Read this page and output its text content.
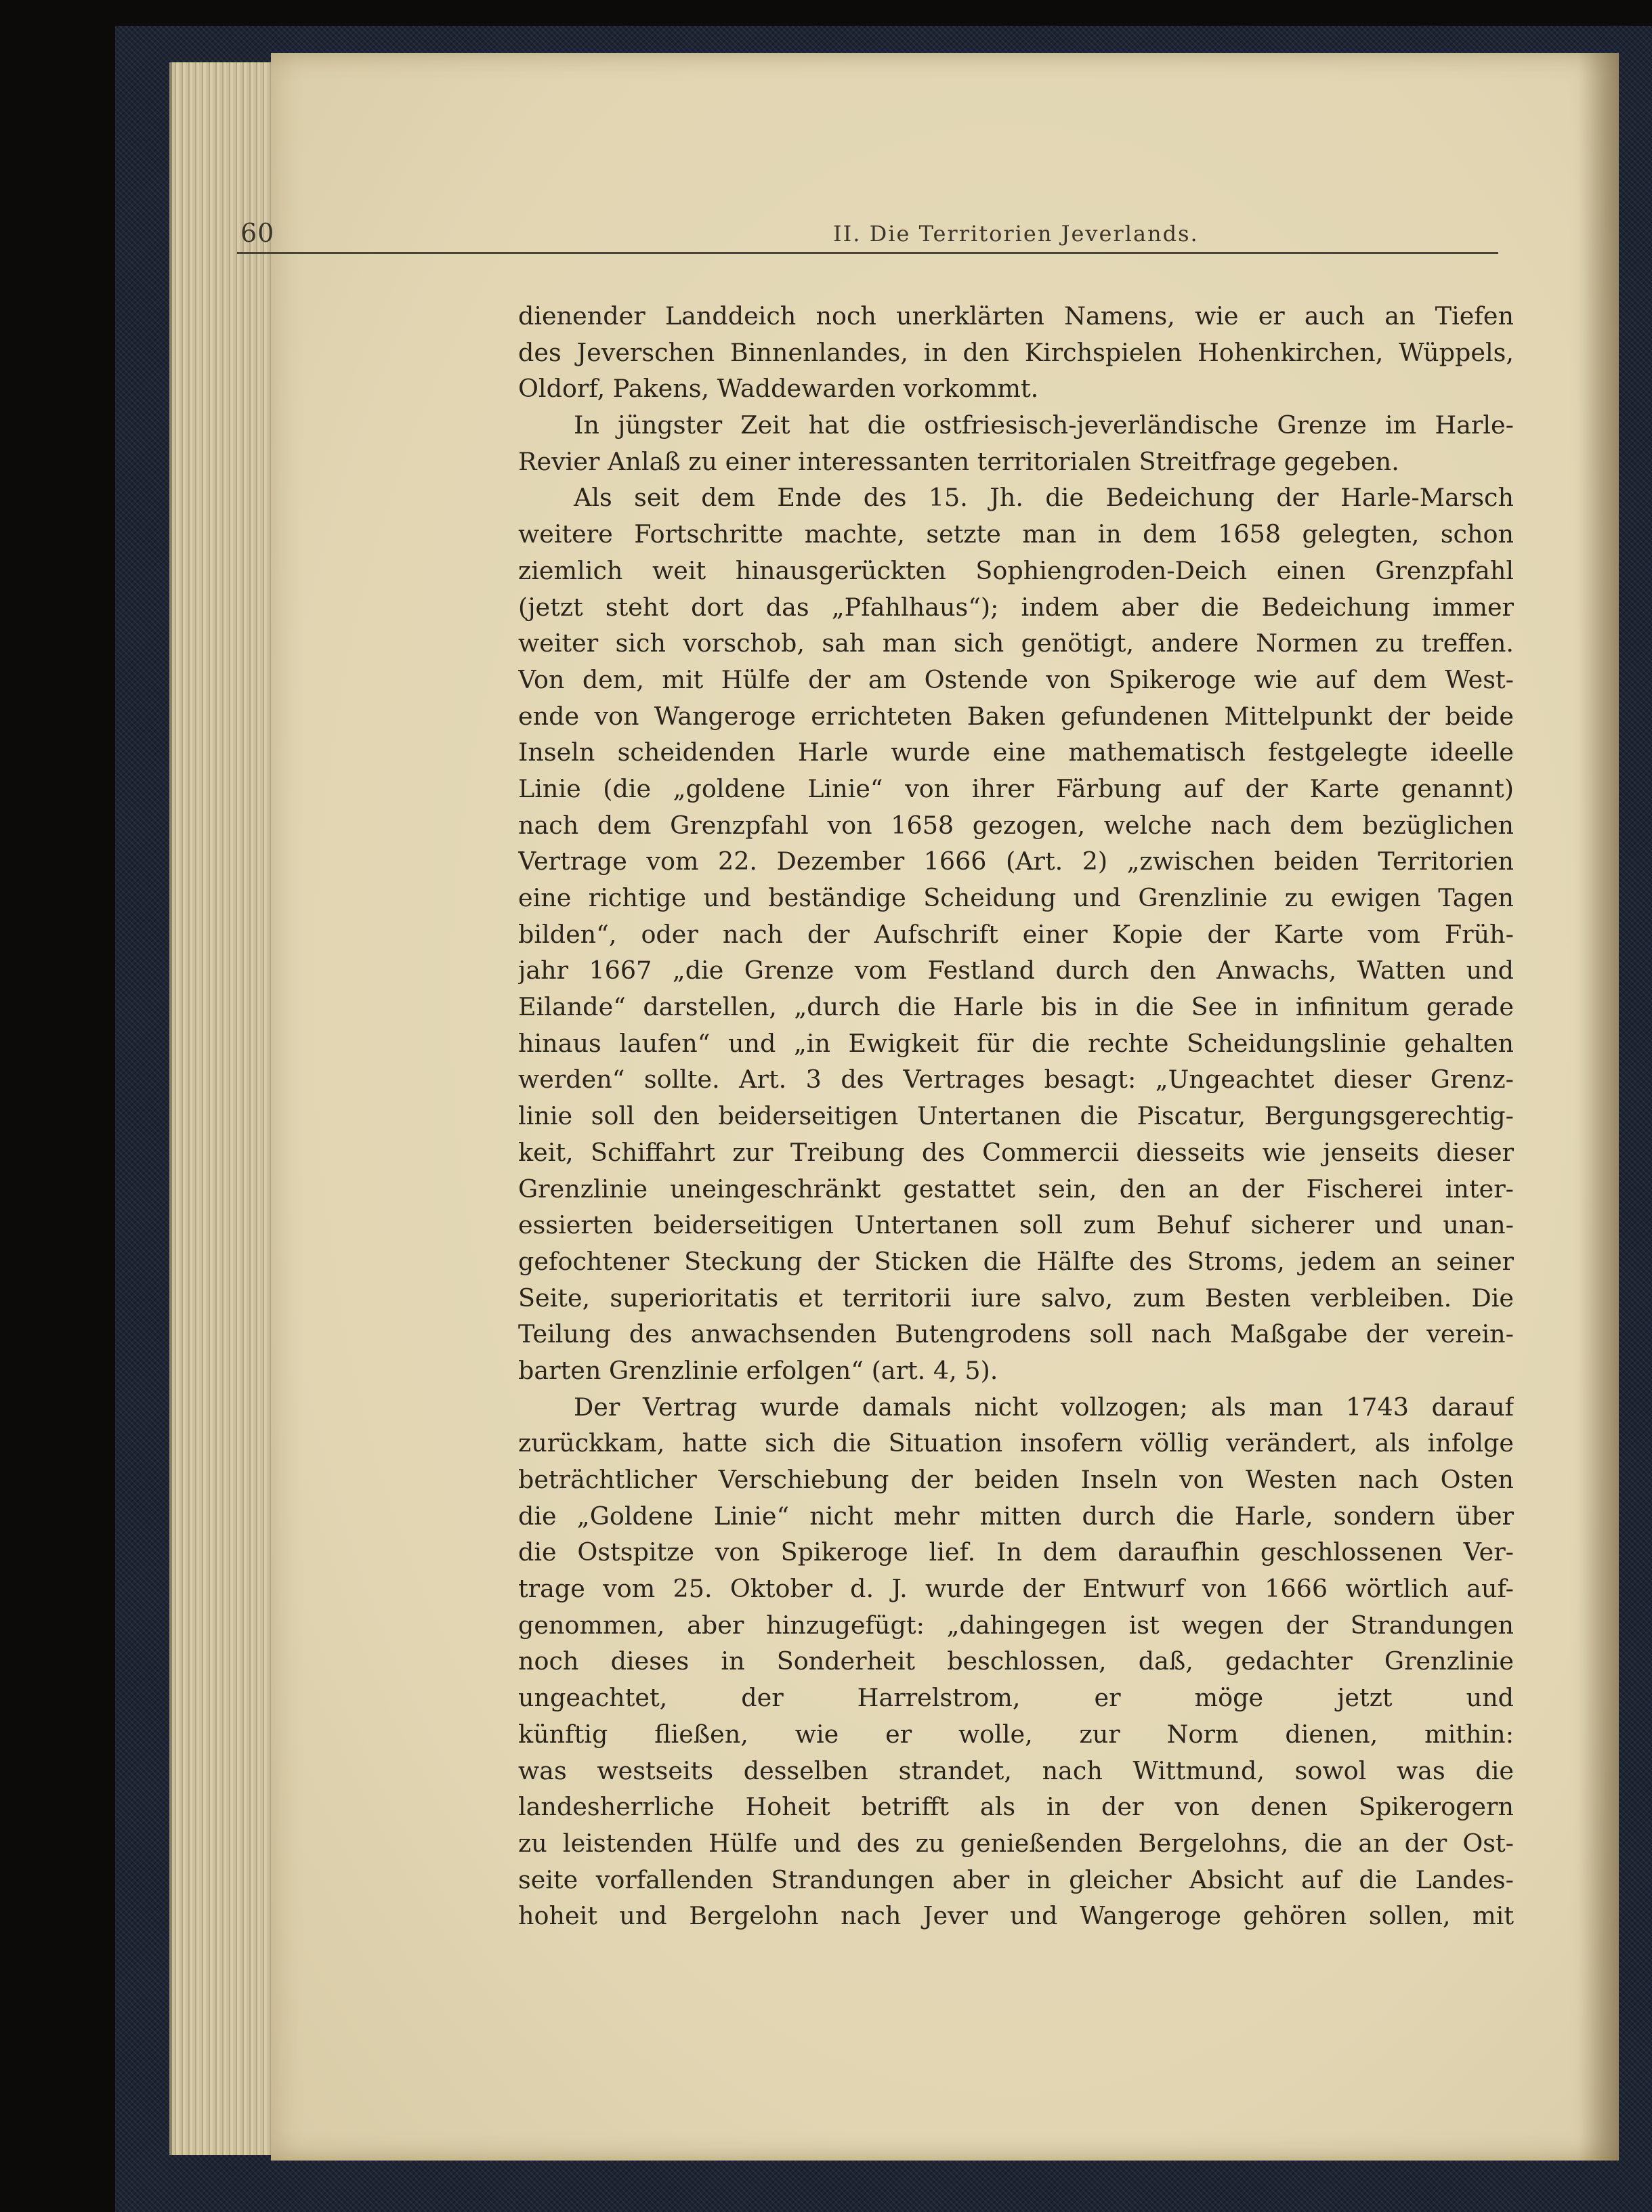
60	II. Die Territorien Jeverlands.
dienender Landdeich noch unerklärten Namens, wie er auch an Tiefen
des Jeverschen Binnenlandes, in den Kirchspielen Hohenkirchen, Wüppels,
Oldorf, Pakens, Waddewarden vorkommt.
In jüngster Zeit hat die ostfriesisch-jeverländische Grenze im Harle-
Revier Anlaß zu einer interessanten territorialen Streitfrage gegeben.
Als seit dem Ende des 15. Jh. die Bedeichung der Harle-Marsch
weitere Fortschritte machte, setzte man in dem 1658 gelegten, schon
ziemlich weit hinausgerückten Sophiengroden-Deich einen Grenzpfahl
(jetzt steht dort das „Pfahlhaus“); indem aber die Bedeichung immer
weiter sich vorschob, sah man sich genötigt, andere Normen zu treffen.
Von dem, mit Hülfe der am Ostende von Spikeroge wie auf dem West-
ende von Wangeroge errichteten Baken gefundenen Mittelpunkt der beide
Inseln scheidenden Harle wurde eine mathematisch festgelegte ideelle
Linie (die „goldene Linie“ von ihrer Färbung auf der Karte genannt)
nach dem Grenzpfahl von 1658 gezogen, welche nach dem bezüglichen
Vertrage vom 22. Dezember 1666 (Art. 2) „zwischen beiden Territorien
eine richtige und beständige Scheidung und Grenzlinie zu ewigen Tagen
bilden“, oder nach der Aufschrift einer Kopie der Karte vom Früh-
jahr 1667 „die Grenze vom Festland durch den Anwachs, Watten und
Eilande“ darstellen, „durch die Harle bis in die See in infinitum gerade
hinaus laufen“ und „in Ewigkeit für die rechte Scheidungslinie gehalten
werden“ sollte. Art. 3 des Vertrages besagt: „Ungeachtet dieser Grenz-
linie soll den beiderseitigen Untertanen die Piscatur, Bergungsgerechtig-
keit, Schiffahrt zur Treibung des Commercii diesseits wie jenseits dieser
Grenzlinie uneingeschränkt gestattet sein, den an der Fischerei inter-
essierten beiderseitigen Untertanen soll zum Behuf sicherer und unan-
gefochtener Steckung der Sticken die Hälfte des Stroms, jedem an seiner
Seite, superioritatis et territorii iure salvo, zum Besten verbleiben. Die
Teilung des anwachsenden Butengrodens soll nach Maßgabe der verein-
barten Grenzlinie erfolgen“ (art. 4, 5).
Der Vertrag wurde damals nicht vollzogen; als man 1743 darauf
zurückkam, hatte sich die Situation insofern völlig verändert, als infolge
beträchtlicher Verschiebung der beiden Inseln von Westen nach Osten
die „Goldene Linie“ nicht mehr mitten durch die Harle, sondern über
die Ostspitze von Spikeroge lief. In dem daraufhin geschlossenen Ver-
trage vom 25. Oktober d. J. wurde der Entwurf von 1666 wörtlich auf-
genommen, aber hinzugefügt: „dahingegen ist wegen der Strandungen
noch dieses in Sonderheit beschlossen, daß, gedachter Grenzlinie
ungeachtet, der Harrelstrom, er möge jetzt und
künftig fließen, wie er wolle, zur Norm dienen, mithin:
was westseits desselben strandet, nach Wittmund, sowol was die
landesherrliche Hoheit betrifft als in der von denen Spikerogern
zu leistenden Hülfe und des zu genießenden Bergelohns, die an der Ost-
seite vorfallenden Strandungen aber in gleicher Absicht auf die Landes-
hoheit und Bergelohn nach Jever und Wangeroge gehören sollen, mit
